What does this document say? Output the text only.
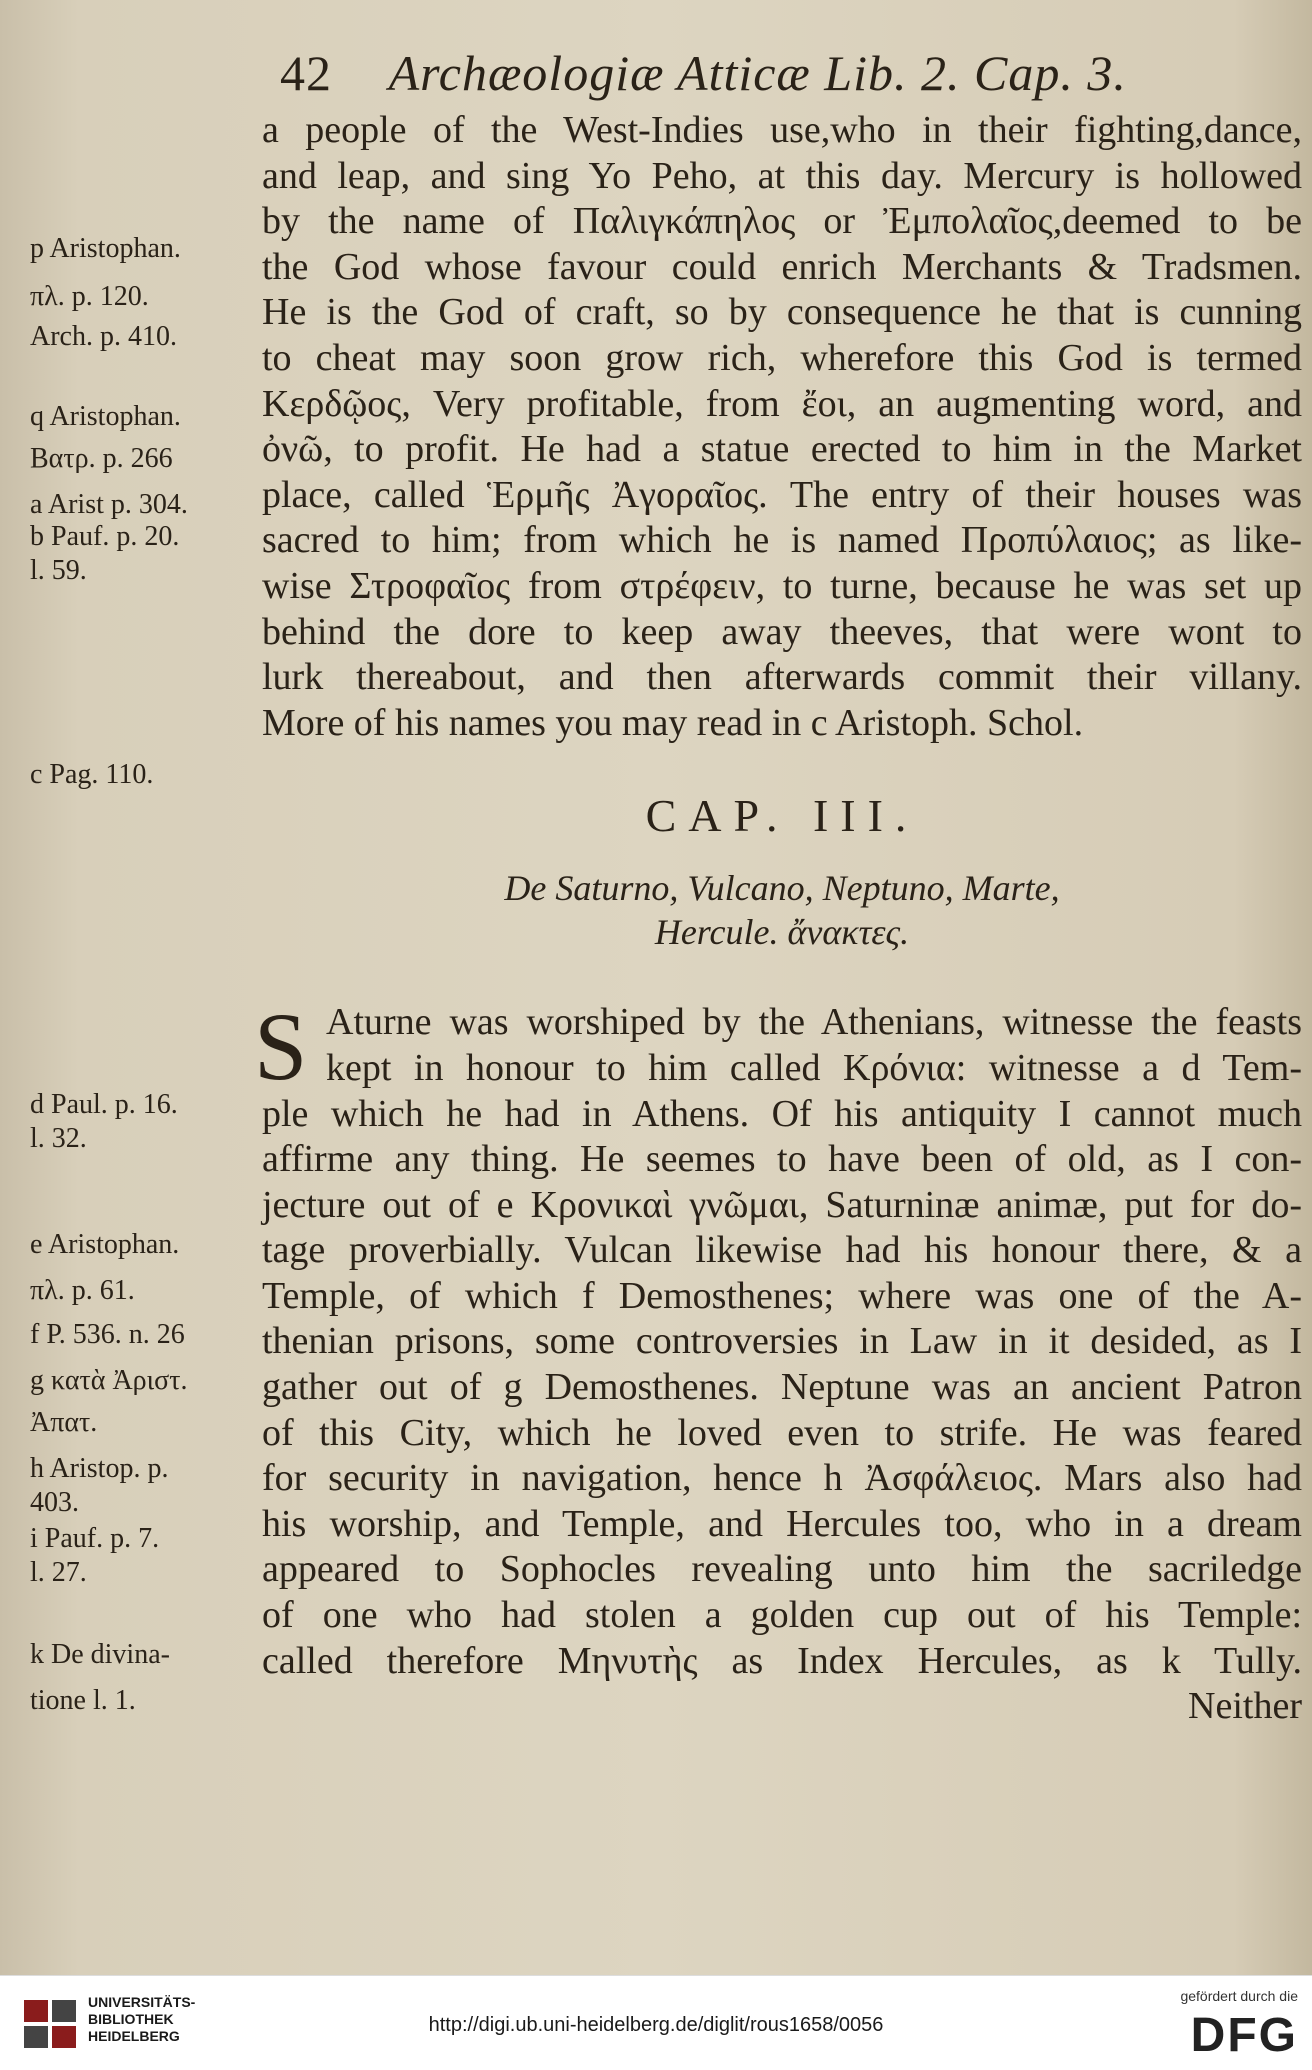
42 Archæologiæ Atticæ Lib. 2. Cap. 3.
a people of the West-Indies use,who in their fighting,dance,
and leap, and sing Yo Peho, at this day. Mercury is hollowed
by the name of Παλιγκάπηλος or Ἐμπολαῖος,deemed to be
the God whose favour could enrich Merchants & Tradsmen.
He is the God of craft, so by consequence he that is cunning
to cheat may soon grow rich, wherefore this God is termed
Κερδῷος, Very profitable, from ἔοι, an augmenting word, and
ὀνῶ, to profit. He had a statue erected to him in the Market
place, called Ἑρμῆς Ἀγοραῖος. The entry of their houses was
sacred to him; from which he is named Προπύλαιος; as like-
wise Στροφαῖος from στρέφειν, to turne, because he was set up
behind the dore to keep away theeves, that were wont to
lurk thereabout, and then afterwards commit their villany.
More of his names you may read in c Aristoph. Schol.
CAP. III.
De Saturno, Vulcano, Neptuno, Marte,
Hercule. ἄνακτες.
S Aturne was worshiped by the Athenians, witnesse the feasts
kept in honour to him called Κρόνια: witnesse a d Tem-
ple which he had in Athens. Of his antiquity I cannot much
affirme any thing. He seemes to have been of old, as I con-
jecture out of e Κρονικαὶ γνῶμαι, Saturninæ animæ, put for do-
tage proverbially. Vulcan likewise had his honour there, & a
Temple, of which f Demosthenes; where was one of the A-
thenian prisons, some controversies in Law in it desided, as I
gather out of g Demosthenes. Neptune was an ancient Patron
of this City, which he loved even to strife. He was feared
for security in navigation, hence h Ἀσφάλειος. Mars also had
his worship, and Temple, and Hercules too, who in a dream
appeared to Sophocles revealing unto him the sacriledge
of one who had stolen a golden cup out of his Temple:
called therefore Μηνυτὴς as Index Hercules, as k Tully.
Neither
p Aristophan.
πλ. p. 120.
Arch. p. 410.
q Aristophan.
Βατρ. p. 266
a Arist p. 304.
b Pauf. p. 20.
l. 59.
c Pag. 110.
d Paul. p. 16.
l. 32.
e Aristophan.
πλ. p. 61.
f P. 536. n. 26
g κατὰ Ἀριστ.
Ἀπατ.
h Aristop. p.
403.
i Pauf. p. 7.
l. 27.
k De divina-
tione l. 1.
UNIVERSITÄTS-
BIBLIOTHEK
HEIDELBERG	http://digi.ub.uni-heidelberg.de/diglit/rous1658/0056
gefördert durch die
DFG
